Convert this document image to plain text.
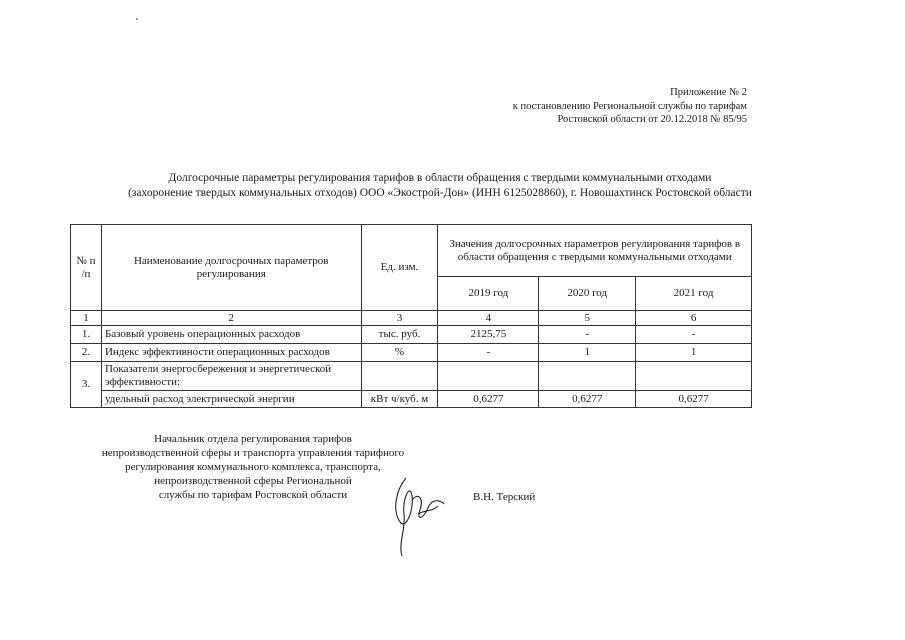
Приложение № 2
к постановлению Региональной службы по тарифам
Ростовской области от 20.12.2018 № 85/95
Долгосрочные параметры регулирования тарифов в области обращения с твердыми коммунальными отходами
(захоронение твердых коммунальных отходов) ООО «Экострой-Дон» (ИНН 6125028860), г. Новошахтинск Ростовской области
№ п /п	Наименование долгосрочных параметров регулирования	Ед. изм.	Значения долгосрочных параметров регулирования тарифов в области обращения с твердыми коммунальными отходами		
			2019 год	2020 год	2021 год
1	2	3	4	5	6
1.	Базовый уровень операционных расходов	тыс. руб.	2125,75	-	-
2.	Индекс эффективности операционных расходов	%	-	1	1
3.	Показатели энергосбережения и энергетической эффективности:				
	удельный расход электрической энергии	кВт ч/куб. м	0,6277	0,6277	0,6277
Начальник отдела регулирования тарифов
непроизводственной сферы и транспорта управления тарифного
регулирования коммунального комплекса, транспорта,
непроизводственной сферы Региональной
службы по тарифам Ростовской области	В.Н. Терский
